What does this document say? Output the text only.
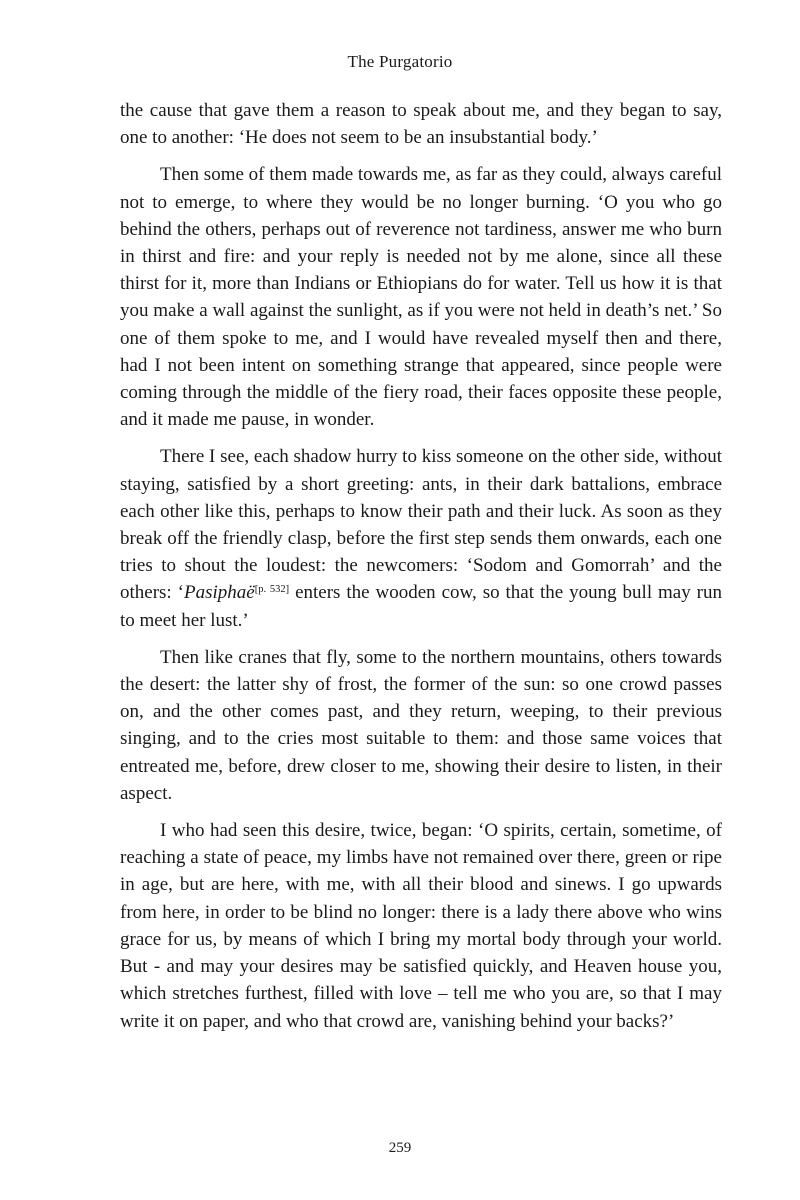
The Purgatorio

the cause that gave them a reason to speak about me, and they began to say, one to another: ‘He does not seem to be an insubstantial body.’

Then some of them made towards me, as far as they could, always careful not to emerge, to where they would be no longer burning. ‘O you who go behind the others, perhaps out of reverence not tardiness, answer me who burn in thirst and fire: and your reply is needed not by me alone, since all these thirst for it, more than Indians or Ethiopians do for water. Tell us how it is that you make a wall against the sunlight, as if you were not held in death’s net.’ So one of them spoke to me, and I would have revealed myself then and there, had I not been intent on something strange that appeared, since people were coming through the middle of the fiery road, their faces opposite these people, and it made me pause, in wonder.

There I see, each shadow hurry to kiss someone on the other side, without staying, satisfied by a short greeting: ants, in their dark battalions, embrace each other like this, perhaps to know their path and their luck. As soon as they break off the friendly clasp, before the first step sends them onwards, each one tries to shout the loudest: the newcomers: ‘Sodom and Gomorrah’ and the others: ‘Pasiphaë[p. 532] enters the wooden cow, so that the young bull may run to meet her lust.’

Then like cranes that fly, some to the northern mountains, others towards the desert: the latter shy of frost, the former of the sun: so one crowd passes on, and the other comes past, and they return, weeping, to their previous singing, and to the cries most suitable to them: and those same voices that entreated me, before, drew closer to me, showing their desire to listen, in their aspect.

I who had seen this desire, twice, began: ‘O spirits, certain, sometime, of reaching a state of peace, my limbs have not remained over there, green or ripe in age, but are here, with me, with all their blood and sinews. I go upwards from here, in order to be blind no longer: there is a lady there above who wins grace for us, by means of which I bring my mortal body through your world. But - and may your desires may be satisfied quickly, and Heaven house you, which stretches furthest, filled with love – tell me who you are, so that I may write it on paper, and who that crowd are, vanishing behind your backs?’

259
